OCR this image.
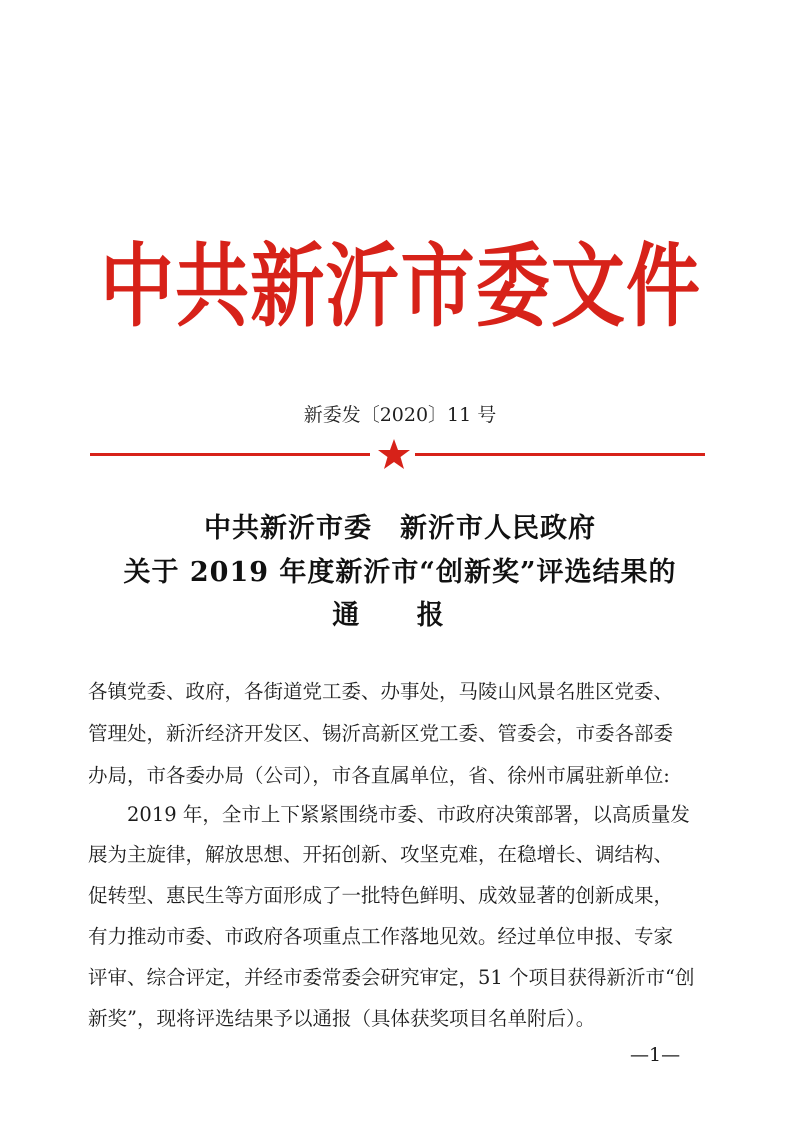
中 共 新 沂 市 委 文 件
新委发〔2020〕11 号
中共新沂市委　新沂市人民政府
关于 2019 年度新沂市“创新奖”评选结果的
通 报
各镇党委、政府，各街道党工委、办事处，马陵山风景名胜区党委、
管理处，新沂经济开发区、锡沂高新区党工委、管委会，市委各部委
办局，市各委办局（公司），市各直属单位，省、徐州市属驻新单位:
2019 年，全市上下紧紧围绕市委、市政府决策部署，以高质量发
展为主旋律，解放思想、开拓创新、攻坚克难，在稳增长、调结构、
促转型、惠民生等方面形成了一批特色鲜明、成效显著的创新成果，
有力推动市委、市政府各项重点工作落地见效。经过单位申报、专家
评审、综合评定，并经市委常委会研究审定，51 个项目获得新沂市“创
新奖”，现将评选结果予以通报（具体获奖项目名单附后）。
—1—
